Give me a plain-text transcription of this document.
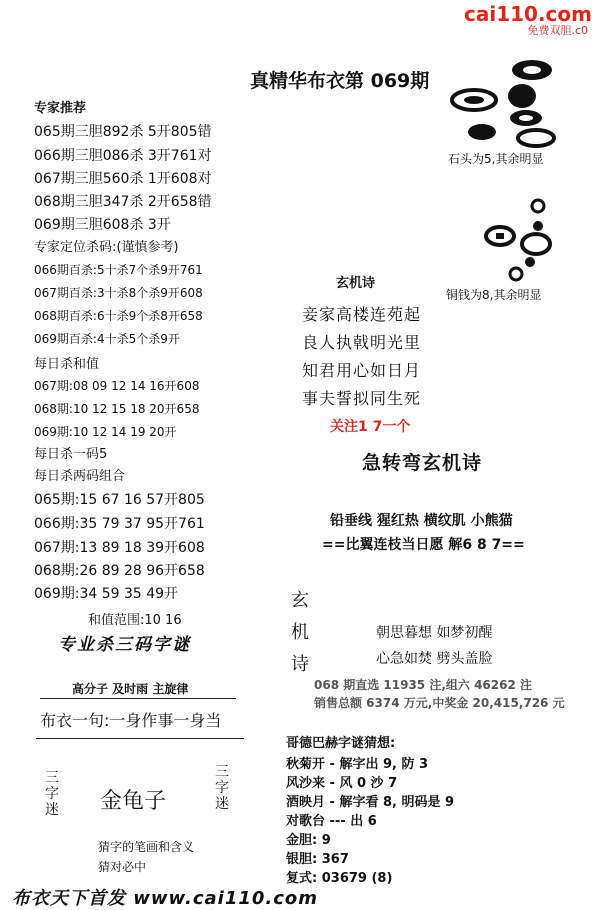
cai110.com
免费双胆.c0
真精华布衣第 069期
石头为5,其余明显
铜钱为8,其余明显
专家推荐
065期三胆892杀 5开805错
066期三胆086杀 3开761对
067期三胆560杀 1开608对
068期三胆347杀 2开658错
069期三胆608杀 3开
专家定位杀码:(谨慎参考)
066期百杀:5十杀7个杀9开761
067期百杀:3十杀8个杀9开608
068期百杀:6十杀9个杀8开658
069期百杀:4十杀5个杀9开
每日杀和值
067期:08 09 12 14 16开608
068期:10 12 15 18 20开658
069期:10 12 14 19 20开
每日杀一码5
每日杀两码组合
065期:15 67 16 57开805
066期:35 79 37 95开761
067期:13 89 18 39开608
068期:26 89 28 96开658
069期:34 59 35 49开
和值范围:10 16
专业杀三码字谜
高分子 及时雨 主旋律
布衣一句:一身作事一身当
三字迷 金龟子
三字迷
猜字的笔画和含义
猜对必中
玄机诗
妾家高楼连苑起
良人执戟明光里
知君用心如日月
事夫誓拟同生死
关注1 7一个
急转弯玄机诗
铅垂线 猩红热 横纹肌 小熊猫
==比翼连枝当日愿 解6 8 7==
玄机诗
朝思暮想 如梦初醒
心急如焚 劈头盖脸
068 期直选 11935 注,组六 46262 注
销售总额 6374 万元,中奖金 20,415,726 元
哥德巴赫字谜猜想:
秋菊开 - 解字出 9, 防 3
风沙来 - 风 0 沙 7
酒映月 - 解字看 8, 明码是 9
对歌台 --- 出 6
金胆: 9
银胆: 367
复式: 03679 (8)
布衣天下首发 www.cai110.com
